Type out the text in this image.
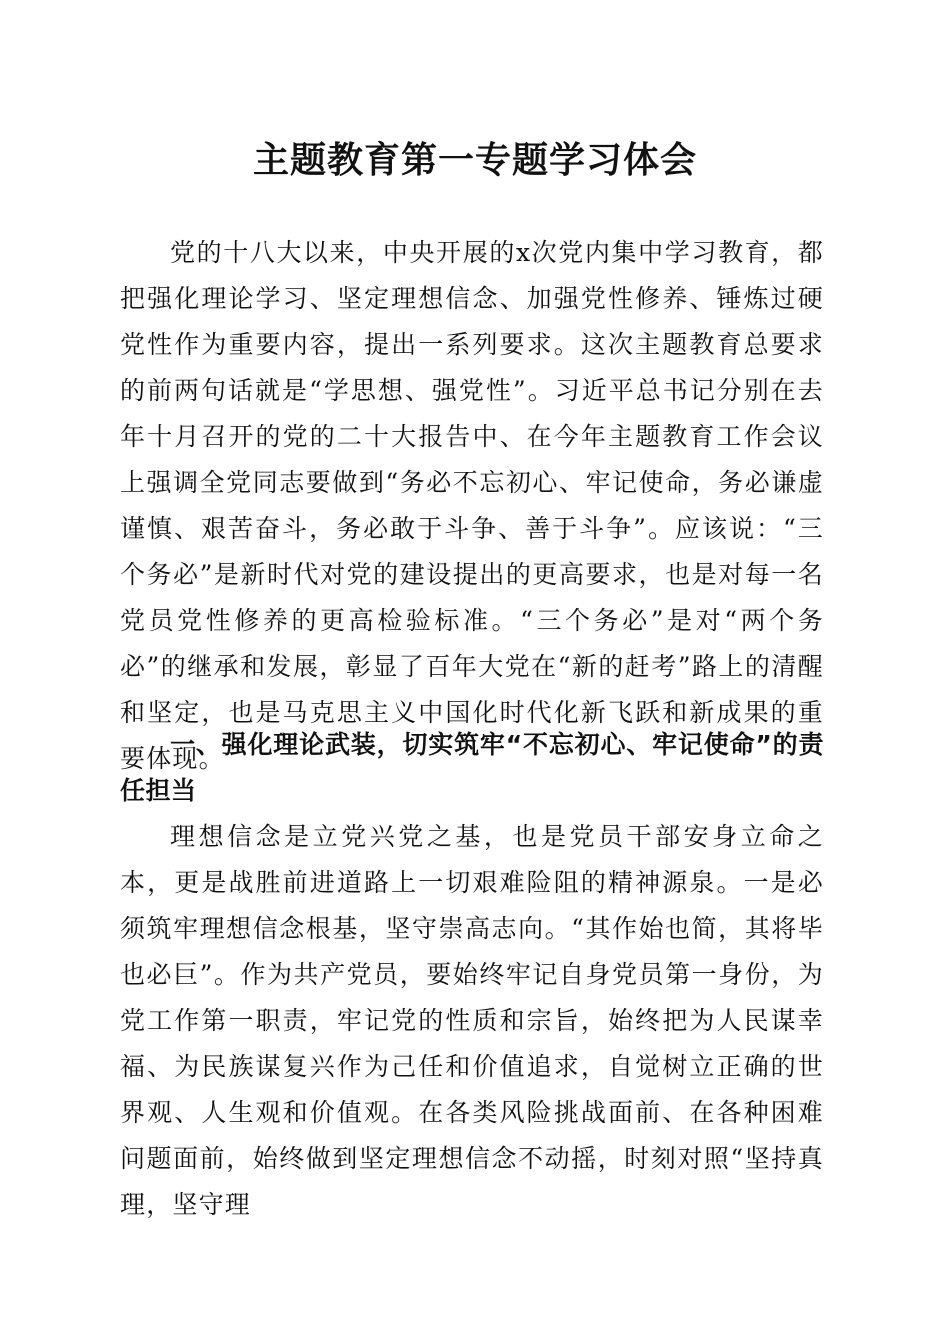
主题教育第一专题学习体会

党的十八大以来，中央开展的x次党内集中学习教育，都把强化理论学习、坚定理想信念、加强党性修养、锤炼过硬党性作为重要内容，提出一系列要求。这次主题教育总要求的前两句话就是“学思想、强党性”。习近平总书记分别在去年十月召开的党的二十大报告中、在今年主题教育工作会议上强调全党同志要做到“务必不忘初心、牢记使命，务必谦虚谨慎、艰苦奋斗，务必敢于斗争、善于斗争”。应该说：“三个务必”是新时代对党的建设提出的更高要求，也是对每一名党员党性修养的更高检验标准。“三个务必”是对“两个务必”的继承和发展，彰显了百年大党在“新的赶考”路上的清醒和坚定，也是马克思主义中国化时代化新飞跃和新成果的重要体现。

一、强化理论武装，切实筑牢“不忘初心、牢记使命”的责任担当

理想信念是立党兴党之基，也是党员干部安身立命之本，更是战胜前进道路上一切艰难险阻的精神源泉。一是必须筑牢理想信念根基，坚守崇高志向。“其作始也简，其将毕也必巨”。作为共产党员，要始终牢记自身党员第一身份，为党工作第一职责，牢记党的性质和宗旨，始终把为人民谋幸福、为民族谋复兴作为己任和价值追求，自觉树立正确的世界观、人生观和价值观。在各类风险挑战面前、在各种困难问题面前，始终做到坚定理想信念不动摇，时刻对照“坚持真理，坚守理
